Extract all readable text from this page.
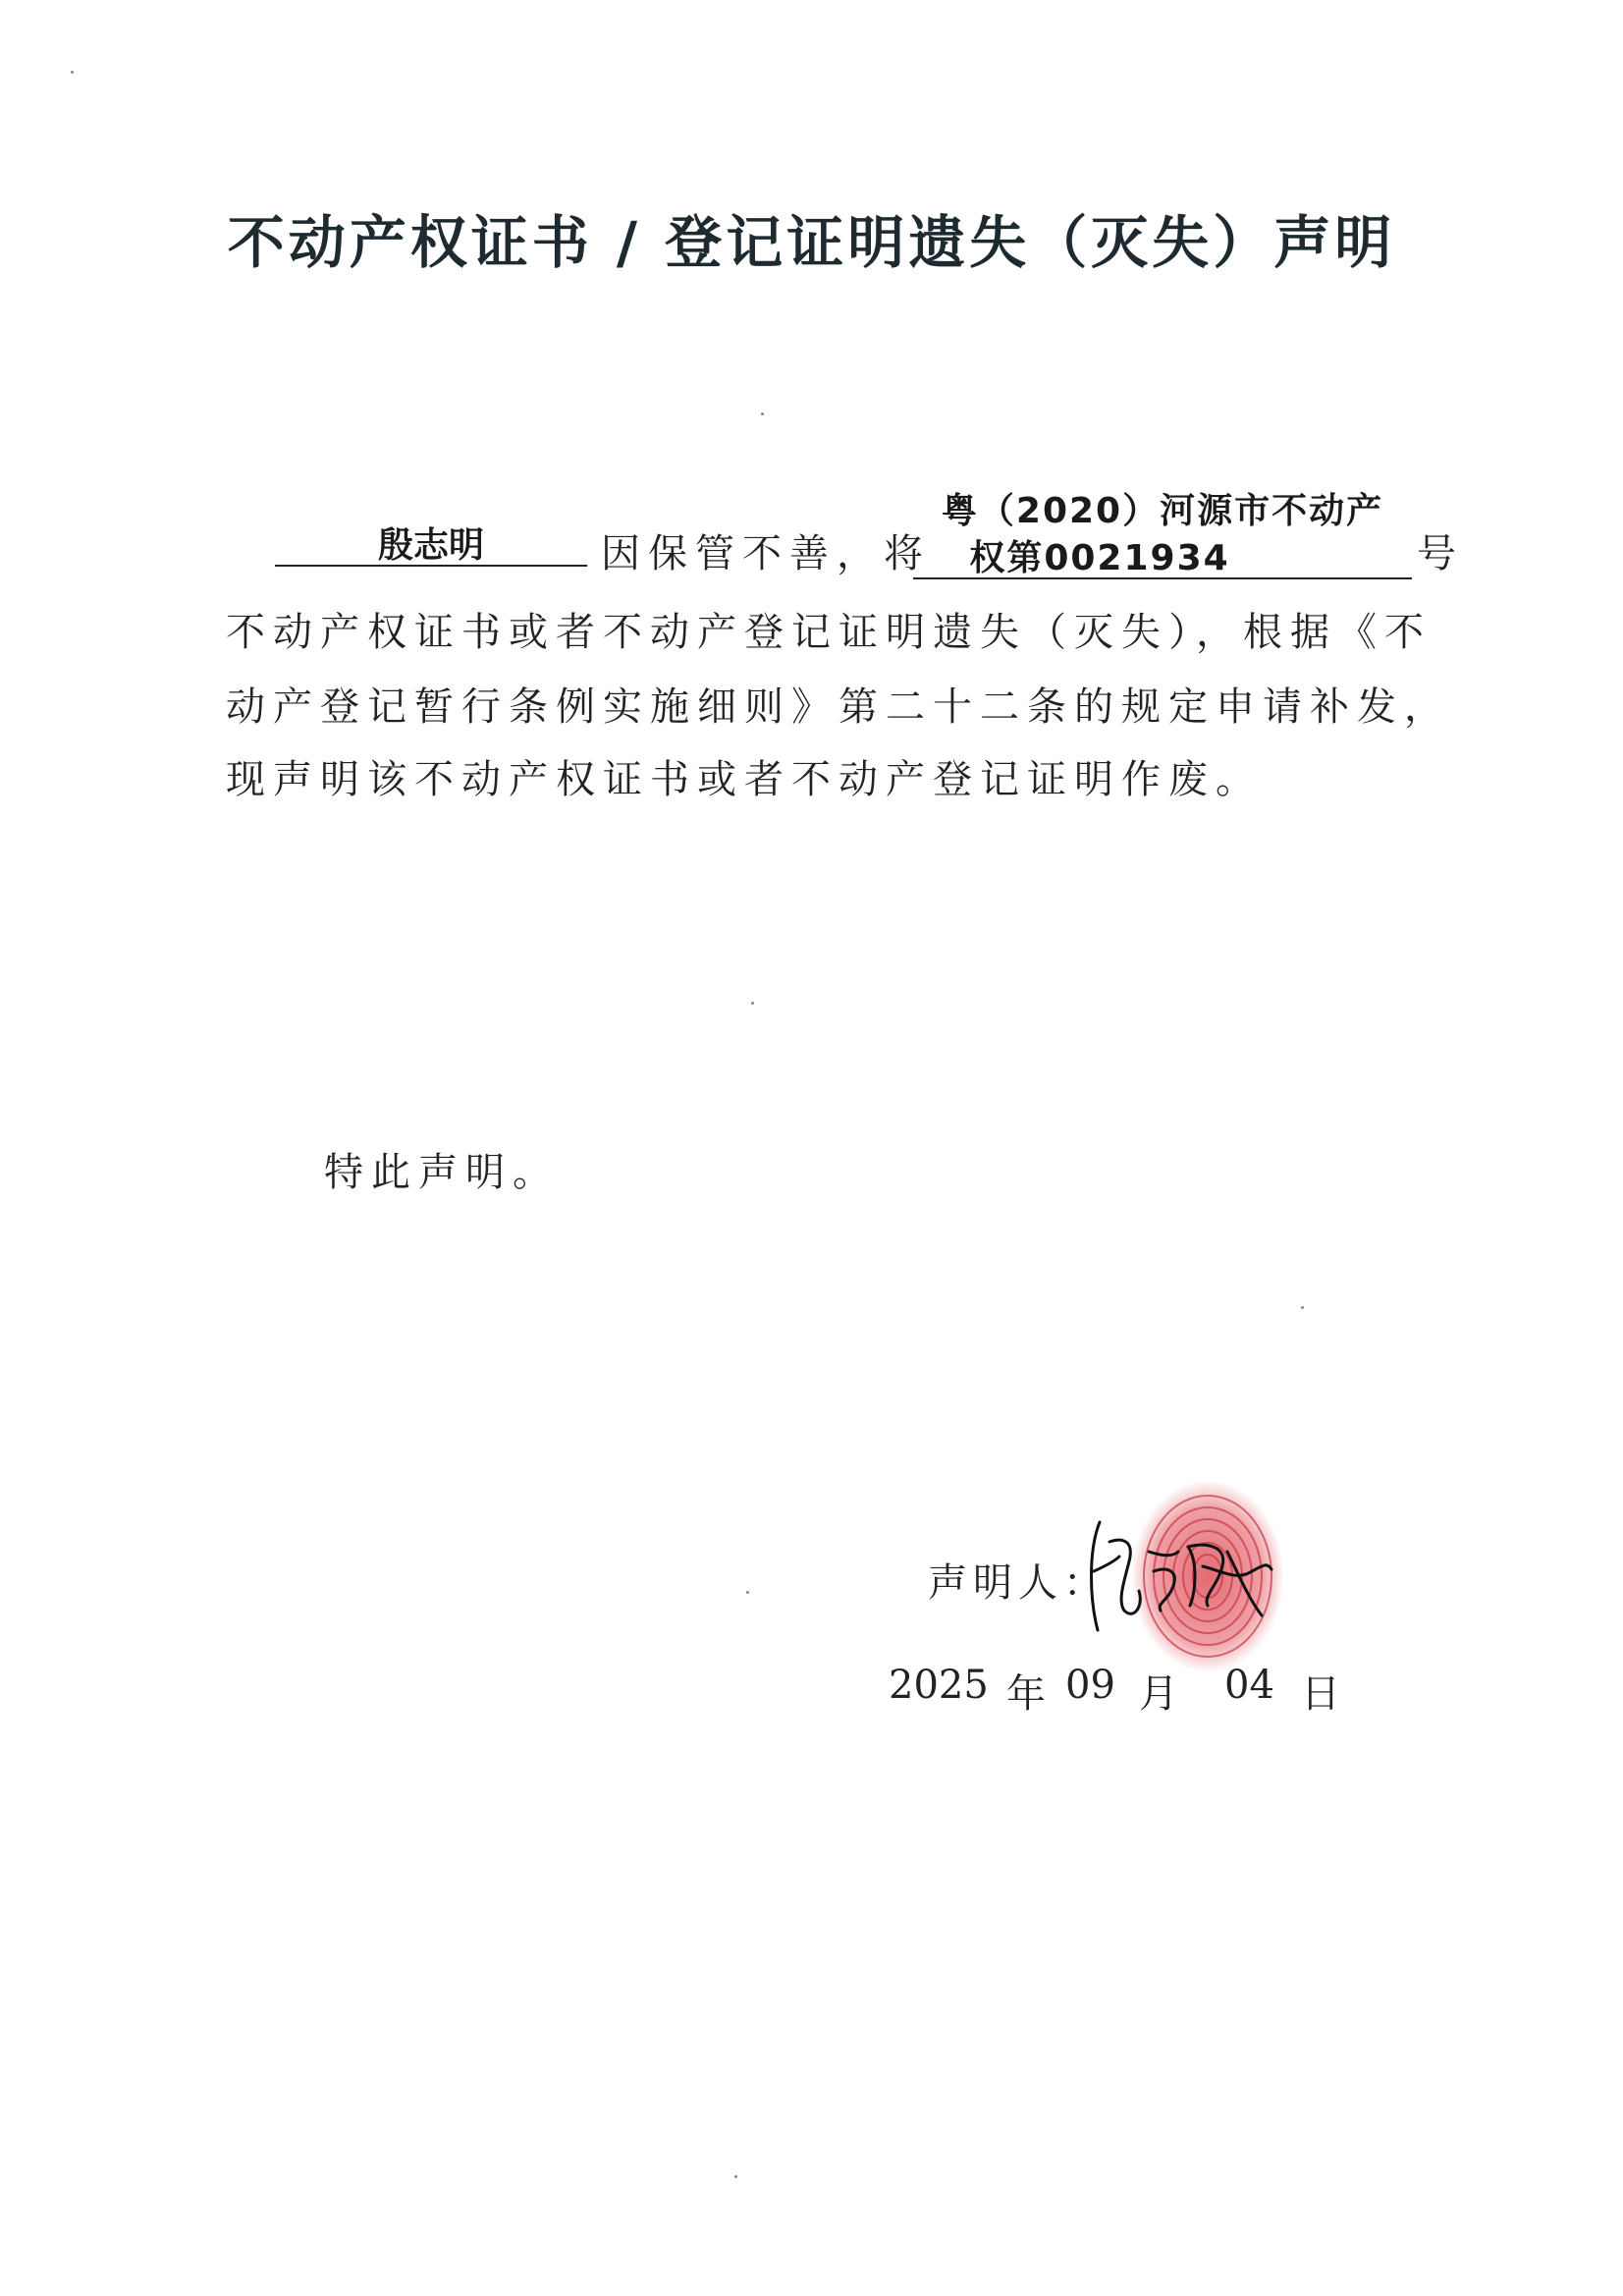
不动产权证书 / 登记证明遗失（灭失）声明
殷志明	因保管不善，将
粤（2020）河源市不动产
权第0021934	号
不动产权证书或者不动产登记证明遗失（灭失），根据《不
动产登记暂行条例实施细则》第二十二条的规定申请补发，
现声明该不动产权证书或者不动产登记证明作废。
特此声明。
声明人：
2025 年 09 月 04 日
